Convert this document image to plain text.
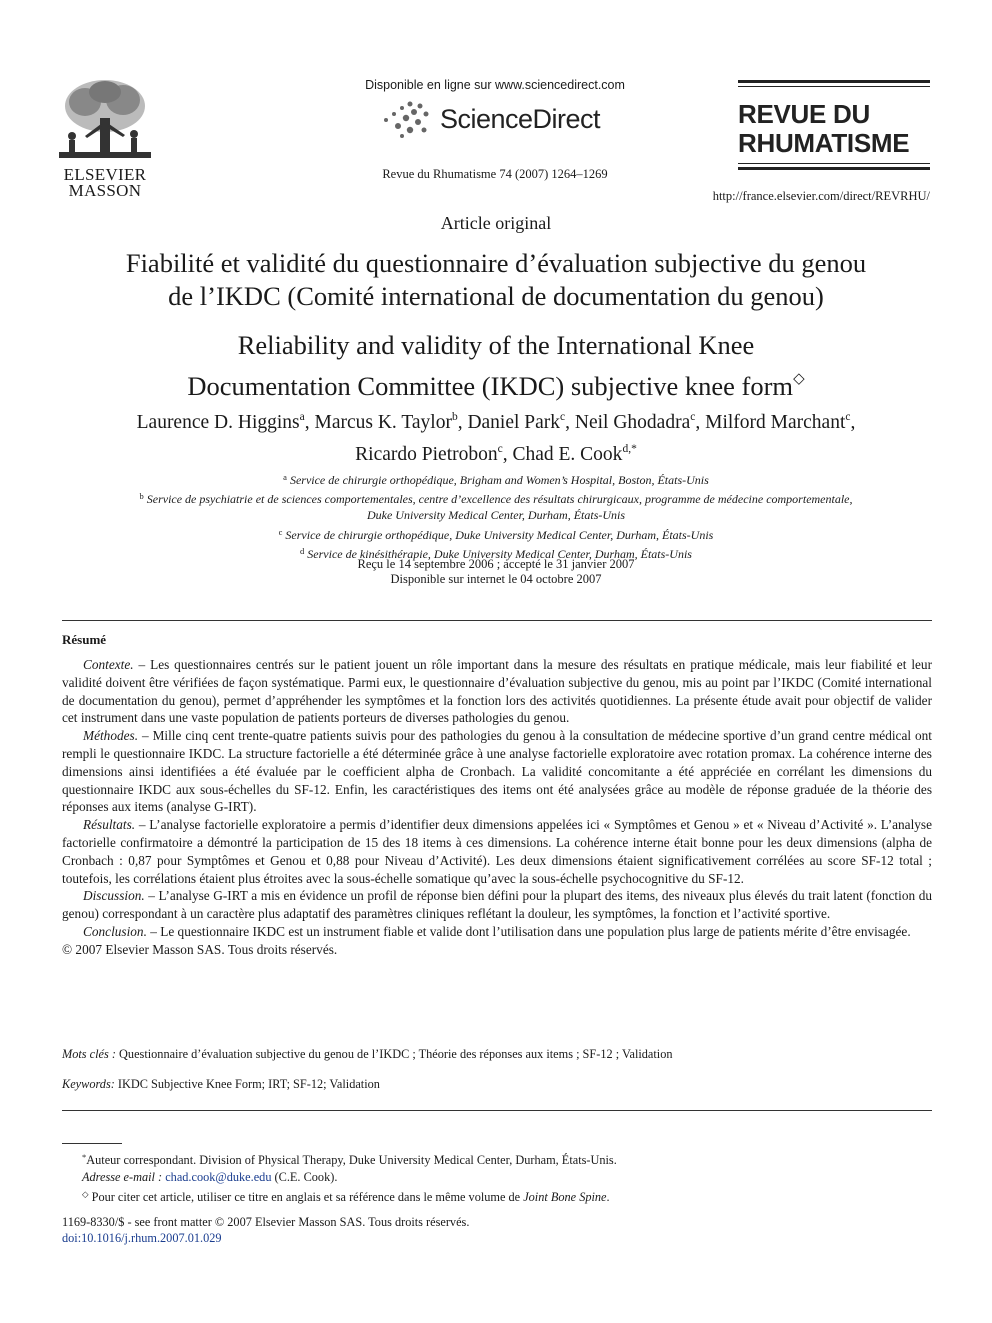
ELSEVIER
MASSON
Disponible en ligne sur www.sciencedirect.com
ScienceDirect
Revue du Rhumatisme 74 (2007) 1264–1269
REVUE DU
RHUMATISME
http://france.elsevier.com/direct/REVRHU/
Article original
Fiabilité et validité du questionnaire d’évaluation subjective du genou
de l’IKDC (Comité international de documentation du genou)
Reliability and validity of the International Knee
Documentation Committee (IKDC) subjective knee form◇
Laurence D. Higgins$^a$, Marcus K. Taylor$^b$, Daniel Park$^c$, Neil Ghodadra$^c$, Milford Marchant$^c$,
Ricardo Pietrobon$^c$, Chad E. Cook$^{d,*}$
$^a$ Service de chirurgie orthopédique, Brigham and Women’s Hospital, Boston, États-Unis
$^b$ Service de psychiatrie et de sciences comportementales, centre d’excellence des résultats chirurgicaux, programme de médecine comportementale,
Duke University Medical Center, Durham, États-Unis
$^c$ Service de chirurgie orthopédique, Duke University Medical Center, Durham, États-Unis
$^d$ Service de kinésithérapie, Duke University Medical Center, Durham, États-Unis
Reçu le 14 septembre 2006 ; accepté le 31 janvier 2007
Disponible sur internet le 04 octobre 2007
Résumé

Contexte. – Les questionnaires centrés sur le patient jouent un rôle important dans la mesure des résultats en pratique médicale, mais leur fiabilité et leur validité doivent être vérifiées de façon systématique. Parmi eux, le questionnaire d’évaluation subjective du genou, mis au point par l’IKDC (Comité international de documentation du genou), permet d’appréhender les symptômes et la fonction lors des activités quotidiennes. La présente étude avait pour objectif de valider cet instrument dans une vaste population de patients porteurs de diverses pathologies du genou.

Méthodes. – Mille cinq cent trente-quatre patients suivis pour des pathologies du genou à la consultation de médecine sportive d’un grand centre médical ont rempli le questionnaire IKDC. La structure factorielle a été déterminée grâce à une analyse factorielle exploratoire avec rotation promax. La cohérence interne des dimensions ainsi identifiées a été évaluée par le coefficient alpha de Cronbach. La validité concomitante a été appréciée en corrélant les dimensions du questionnaire IKDC aux sous-échelles du SF-12. Enfin, les caractéristiques des items ont été analysées grâce au modèle de réponse graduée de la théorie des réponses aux items (analyse G-IRT).

Résultats. – L’analyse factorielle exploratoire a permis d’identifier deux dimensions appelées ici « Symptômes et Genou » et « Niveau d’Activité ». L’analyse factorielle confirmatoire a démontré la participation de 15 des 18 items à ces dimensions. La cohérence interne était bonne pour les deux dimensions (alpha de Cronbach : 0,87 pour Symptômes et Genou et 0,88 pour Niveau d’Activité). Les deux dimensions étaient significativement corrélées au score SF-12 total ; toutefois, les corrélations étaient plus étroites avec la sous-échelle somatique qu’avec la sous-échelle psychocognitive du SF-12.

Discussion. – L’analyse G-IRT a mis en évidence un profil de réponse bien défini pour la plupart des items, des niveaux plus élevés du trait latent (fonction du genou) correspondant à un caractère plus adaptatif des paramètres cliniques reflétant la douleur, les symptômes, la fonction et l’activité sportive.

Conclusion. – Le questionnaire IKDC est un instrument fiable et valide dont l’utilisation dans une population plus large de patients mérite d’être envisagée.

© 2007 Elsevier Masson SAS. Tous droits réservés.

Mots clés : Questionnaire d’évaluation subjective du genou de l’IKDC ; Théorie des réponses aux items ; SF-12 ; Validation
Keywords: IKDC Subjective Knee Form; IRT; SF-12; Validation

*Auteur correspondant. Division of Physical Therapy, Duke University Medical Center, Durham, États-Unis.

Adresse e-mail : chad.cook@duke.edu (C.E. Cook).

◇ Pour citer cet article, utiliser ce titre en anglais et sa référence dans le même volume de Joint Bone Spine.

1169-8330/$ - see front matter © 2007 Elsevier Masson SAS. Tous droits réservés.
doi:10.1016/j.rhum.2007.01.029
